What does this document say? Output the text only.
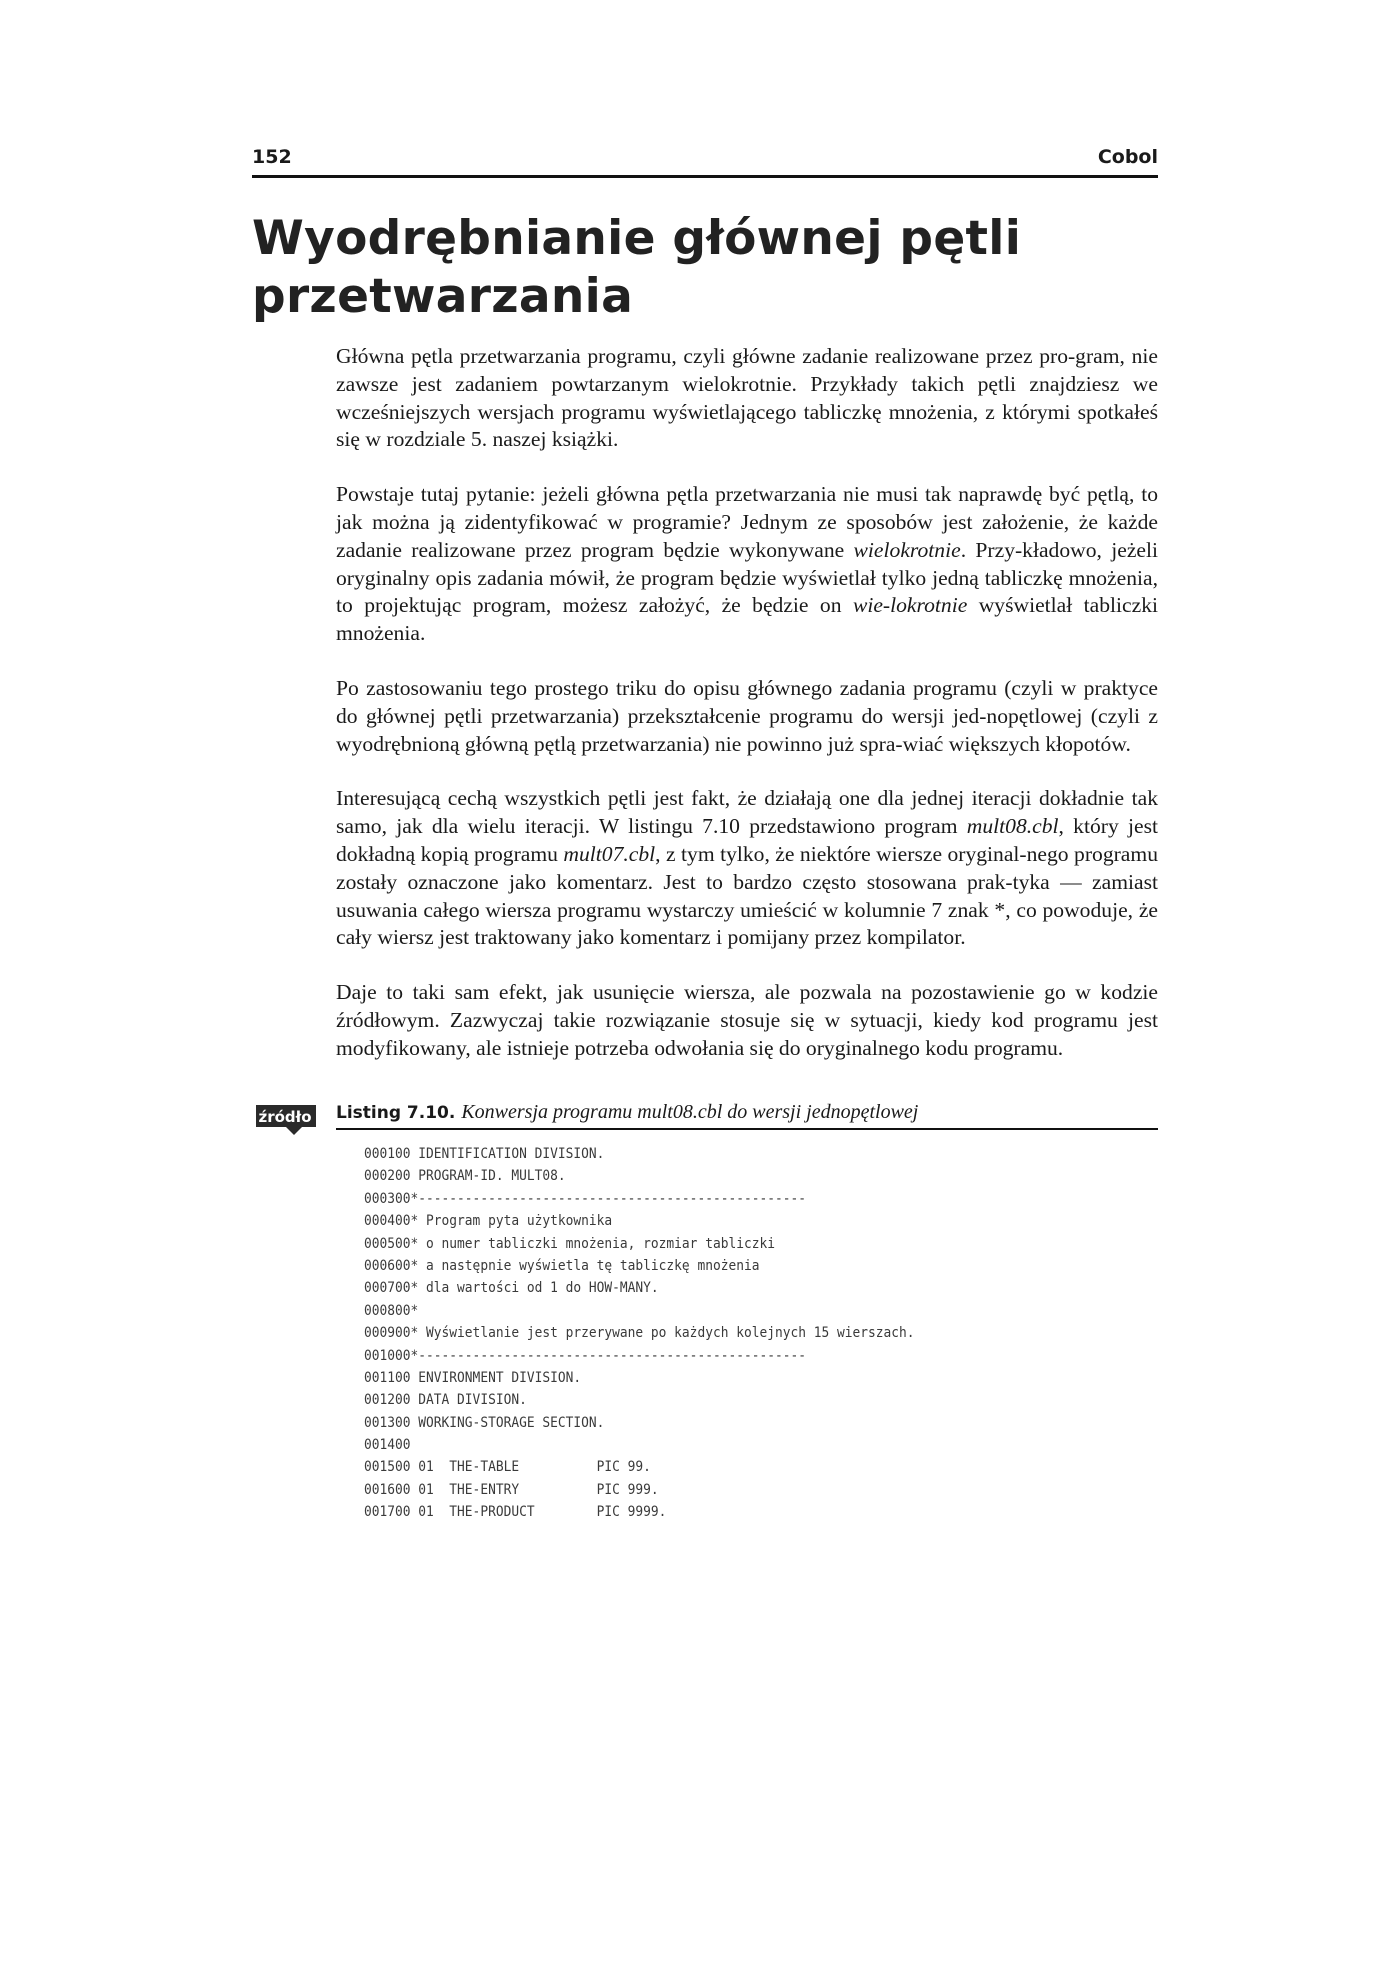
152	Cobol
Wyodrębnianie głównej pętli
przetwarzania

Główna pętla przetwarzania programu, czyli główne zadanie realizowane przez pro-gram, nie zawsze jest zadaniem powtarzanym wielokrotnie. Przykłady takich pętli znajdziesz we wcześniejszych wersjach programu wyświetlającego tabliczkę mnożenia, z którymi spotkałeś się w rozdziale 5. naszej książki.

Powstaje tutaj pytanie: jeżeli główna pętla przetwarzania nie musi tak naprawdę być pętlą, to jak można ją zidentyfikować w programie? Jednym ze sposobów jest założenie, że każde zadanie realizowane przez program będzie wykonywane wielokrotnie. Przy-kładowo, jeżeli oryginalny opis zadania mówił, że program będzie wyświetlał tylko jedną tabliczkę mnożenia, to projektując program, możesz założyć, że będzie on wie-lokrotnie wyświetlał tabliczki mnożenia.

Po zastosowaniu tego prostego triku do opisu głównego zadania programu (czyli w praktyce do głównej pętli przetwarzania) przekształcenie programu do wersji jed-nopętlowej (czyli z wyodrębnioną główną pętlą przetwarzania) nie powinno już spra-wiać większych kłopotów.

Interesującą cechą wszystkich pętli jest fakt, że działają one dla jednej iteracji dokładnie tak samo, jak dla wielu iteracji. W listingu 7.10 przedstawiono program mult08.cbl, który jest dokładną kopią programu mult07.cbl, z tym tylko, że niektóre wiersze oryginal-nego programu zostały oznaczone jako komentarz. Jest to bardzo często stosowana prak-tyka — zamiast usuwania całego wiersza programu wystarczy umieścić w kolumnie 7 znak *, co powoduje, że cały wiersz jest traktowany jako komentarz i pomijany przez kompilator.

Daje to taki sam efekt, jak usunięcie wiersza, ale pozwala na pozostawienie go w kodzie źródłowym. Zazwyczaj takie rozwiązanie stosuje się w sytuacji, kiedy kod programu jest modyfikowany, ale istnieje potrzeba odwołania się do oryginalnego kodu programu.

źródło Listing 7.10. Konwersja programu mult08.cbl do wersji jednopętlowej
000100 IDENTIFICATION DIVISION.
000200 PROGRAM-ID. MULT08.
000300*--------------------------------------------------
000400* Program pyta użytkownika
000500* o numer tabliczki mnożenia, rozmiar tabliczki
000600* a następnie wyświetla tę tabliczkę mnożenia
000700* dla wartości od 1 do HOW-MANY.
000800*
000900* Wyświetlanie jest przerywane po każdych kolejnych 15 wierszach.
001000*--------------------------------------------------
001100 ENVIRONMENT DIVISION.
001200 DATA DIVISION.
001300 WORKING-STORAGE SECTION.
001400
001500 01  THE-TABLE          PIC 99.
001600 01  THE-ENTRY          PIC 999.
001700 01  THE-PRODUCT        PIC 9999.
